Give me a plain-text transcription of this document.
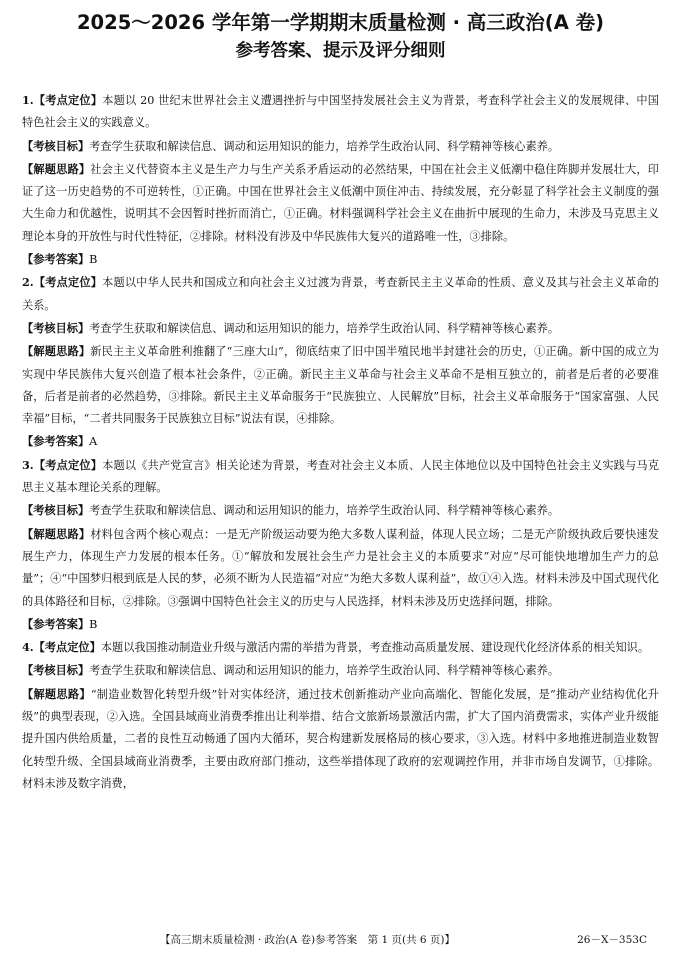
2025～2026 学年第一学期期末质量检测 · 高三政治(A 卷)
参考答案、提示及评分细则

1.【考点定位】本题以 20 世纪末世界社会主义遭遇挫折与中国坚持发展社会主义为背景，考查科学社会主义的发展规律、中国特色社会主义的实践意义。

【考核目标】考查学生获取和解读信息、调动和运用知识的能力，培养学生政治认同、科学精神等核心素养。

【解题思路】社会主义代替资本主义是生产力与生产关系矛盾运动的必然结果，中国在社会主义低潮中稳住阵脚并发展壮大，印证了这一历史趋势的不可逆转性，①正确。中国在世界社会主义低潮中顶住冲击、持续发展，充分彰显了科学社会主义制度的强大生命力和优越性，说明其不会因暂时挫折而消亡，①正确。材料强调科学社会主义在曲折中展现的生命力，未涉及马克思主义理论本身的开放性与时代性特征，②排除。材料没有涉及中华民族伟大复兴的道路唯一性，③排除。

【参考答案】B

2.【考点定位】本题以中华人民共和国成立和向社会主义过渡为背景，考查新民主主义革命的性质、意义及其与社会主义革命的关系。

【考核目标】考查学生获取和解读信息、调动和运用知识的能力，培养学生政治认同、科学精神等核心素养。

【解题思路】新民主主义革命胜利推翻了“三座大山”，彻底结束了旧中国半殖民地半封建社会的历史，①正确。新中国的成立为实现中华民族伟大复兴创造了根本社会条件，②正确。新民主主义革命与社会主义革命不是相互独立的，前者是后者的必要准备，后者是前者的必然趋势，③排除。新民主主义革命服务于“民族独立、人民解放”目标，社会主义革命服务于“国家富强、人民幸福”目标，“二者共同服务于民族独立目标”说法有误，④排除。

【参考答案】A

3.【考点定位】本题以《共产党宣言》相关论述为背景，考查对社会主义本质、人民主体地位以及中国特色社会主义实践与马克思主义基本理论关系的理解。

【考核目标】考查学生获取和解读信息、调动和运用知识的能力，培养学生政治认同、科学精神等核心素养。

【解题思路】材料包含两个核心观点：一是无产阶级运动要为绝大多数人谋利益，体现人民立场；二是无产阶级执政后要快速发展生产力，体现生产力发展的根本任务。①“解放和发展社会生产力是社会主义的本质要求”对应“尽可能快地增加生产力的总量”；④“中国梦归根到底是人民的梦，必须不断为人民造福”对应“为绝大多数人谋利益”，故①④入选。材料未涉及中国式现代化的具体路径和目标，②排除。③强调中国特色社会主义的历史与人民选择，材料未涉及历史选择问题，排除。

【参考答案】B

4.【考点定位】本题以我国推动制造业升级与激活内需的举措为背景，考查推动高质量发展、建设现代化经济体系的相关知识。

【考核目标】考查学生获取和解读信息、调动和运用知识的能力，培养学生政治认同、科学精神等核心素养。

【解题思路】“制造业数智化转型升级”针对实体经济，通过技术创新推动产业向高端化、智能化发展，是“推动产业结构优化升级”的典型表现，②入选。全国县域商业消费季推出让利举措、结合文旅新场景激活内需，扩大了国内消费需求，实体产业升级能提升国内供给质量，二者的良性互动畅通了国内大循环，契合构建新发展格局的核心要求，③入选。材料中多地推进制造业数智化转型升级、全国县域商业消费季，主要由政府部门推动，这些举措体现了政府的宏观调控作用，并非市场自发调节，①排除。材料未涉及数字消费，

【高三期末质量检测 · 政治(A 卷)参考答案　第 1 页(共 6 页)】	26－X－353C
